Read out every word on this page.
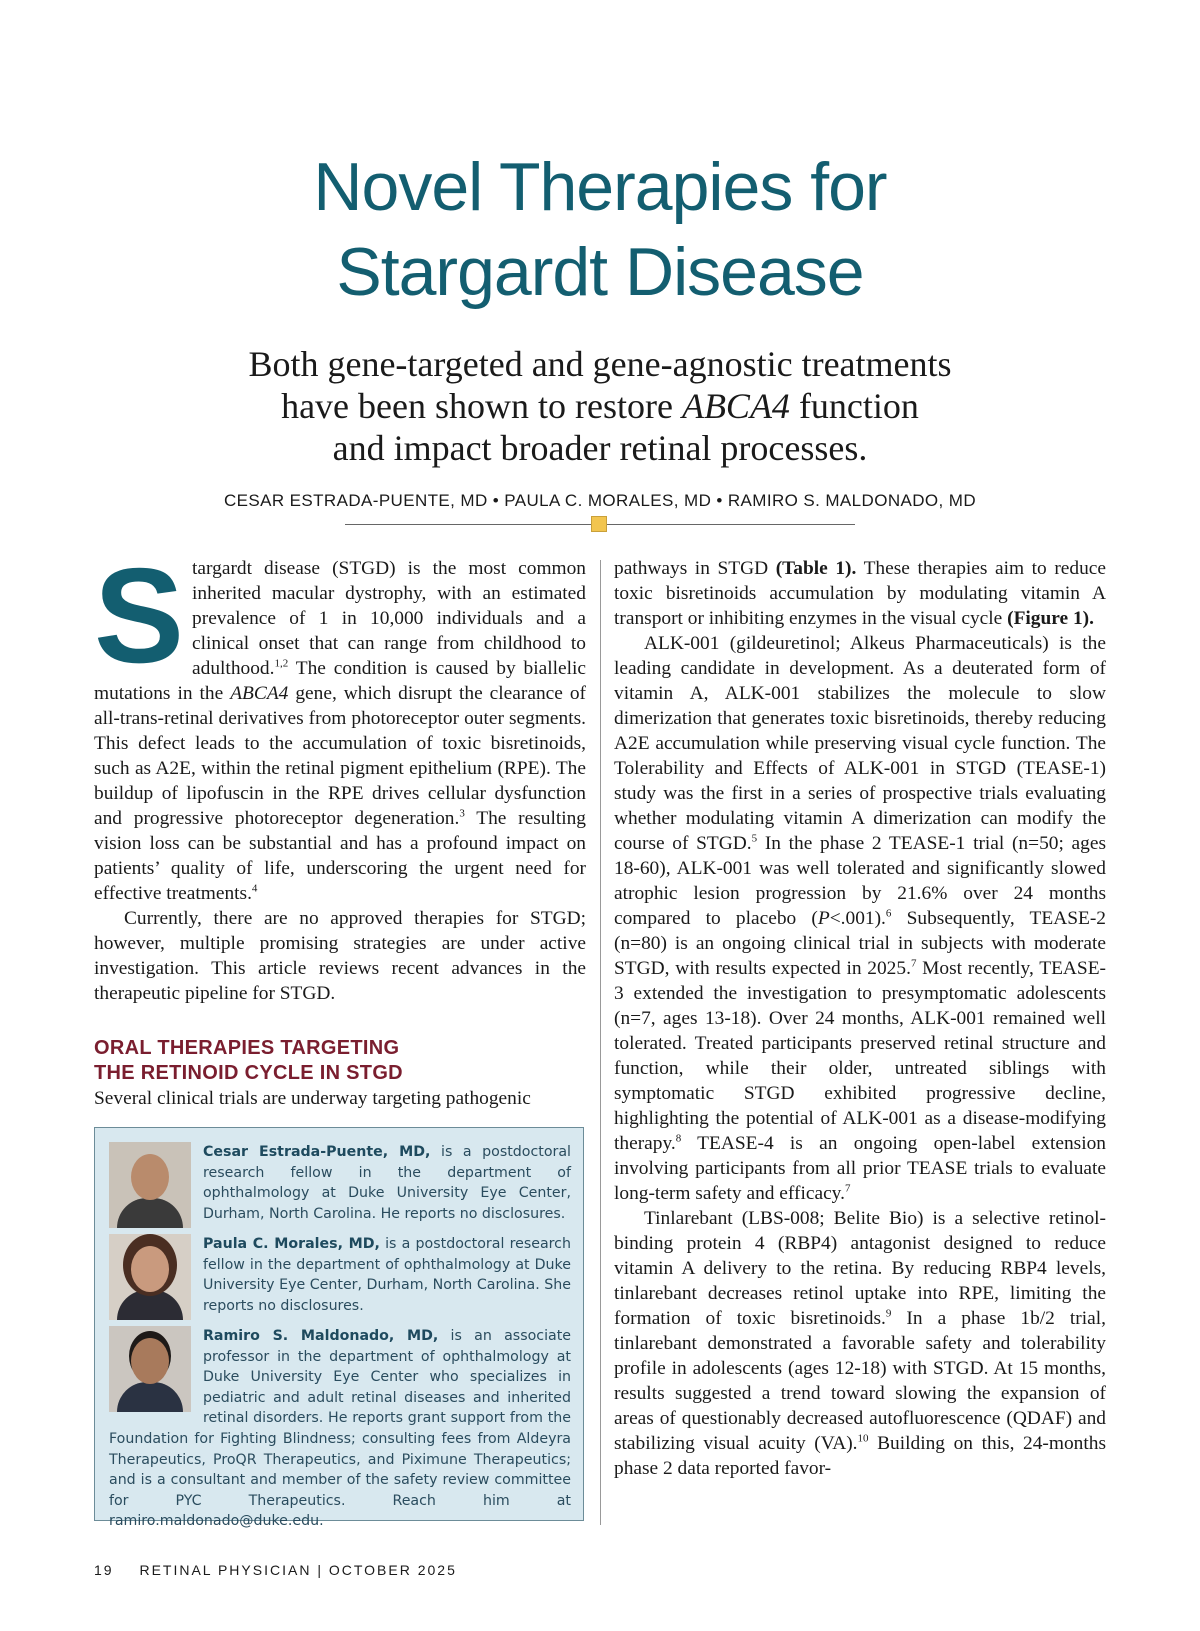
Novel Therapies for
Stargardt Disease
Both gene-targeted and gene-agnostic treatments
have been shown to restore ABCA4 function
and impact broader retinal processes.
CESAR ESTRADA-PUENTE, MD • PAULA C. MORALES, MD • RAMIRO S. MALDONADO, MD

Stargardt disease (STGD) is the most common inherited macular dystrophy, with an estimated prevalence of 1 in 10,000 individuals and a clinical onset that can range from childhood to adulthood.$^{1,2}$ The condition is caused by biallelic mutations in the ABCA4 gene, which disrupt the clearance of all-trans-retinal derivatives from photoreceptor outer segments. This defect leads to the accumulation of toxic bisretinoids, such as A2E, within the retinal pigment epithelium (RPE). The buildup of lipofuscin in the RPE drives cellular dysfunction and progressive photoreceptor degeneration.$^3$ The resulting vision loss can be substantial and has a profound impact on patients’ quality of life, underscoring the urgent need for effective treatments.$^4$

Currently, there are no approved therapies for STGD; however, multiple promising strategies are under active investigation. This article reviews recent advances in the therapeutic pipeline for STGD.

ORAL THERAPIES TARGETING
THE RETINOID CYCLE IN STGD

Several clinical trials are underway targeting pathogenic

Cesar Estrada-Puente, MD, is a postdoctoral research fellow in the department of ophthalmology at Duke University Eye Center, Durham, North Carolina. He reports no disclosures.
Paula C. Morales, MD, is a postdoctoral research fellow in the department of ophthalmology at Duke University Eye Center, Durham, North Carolina. She reports no disclosures.
Ramiro S. Maldonado, MD, is an associate professor in the department of ophthalmology at Duke University Eye Center who specializes in pediatric and adult retinal diseases and inherited retinal disorders. He reports grant support from the Foundation for Fighting Blindness; consulting fees from Aldeyra Therapeutics, ProQR Therapeutics, and Piximune Therapeutics; and is a consultant and member of the safety review committee for PYC Therapeutics. Reach him at ramiro.maldonado@duke.edu.

pathways in STGD (Table 1). These therapies aim to reduce toxic bisretinoids accumulation by modulating vitamin A transport or inhibiting enzymes in the visual cycle (Figure 1).

ALK-001 (gildeuretinol; Alkeus Pharmaceuticals) is the leading candidate in development. As a deuterated form of vitamin A, ALK-001 stabilizes the molecule to slow dimerization that generates toxic bisretinoids, thereby reducing A2E accumulation while preserving visual cycle function. The Tolerability and Effects of ALK-001 in STGD (TEASE-1) study was the first in a series of prospective trials evaluating whether modulating vitamin A dimerization can modify the course of STGD.$^5$ In the phase 2 TEASE-1 trial (n=50; ages 18-60), ALK-001 was well tolerated and significantly slowed atrophic lesion progression by 21.6% over 24 months compared to placebo (P<.001).$^6$ Subsequently, TEASE-2 (n=80) is an ongoing clinical trial in subjects with moderate STGD, with results expected in 2025.$^7$ Most recently, TEASE-3 extended the investigation to presymptomatic adolescents (n=7, ages 13-18). Over 24 months, ALK-001 remained well tolerated. Treated participants preserved retinal structure and function, while their older, untreated siblings with symptomatic STGD exhibited progressive decline, highlighting the potential of ALK-001 as a disease-modifying therapy.$^8$ TEASE-4 is an ongoing open-label extension involving participants from all prior TEASE trials to evaluate long-term safety and efficacy.$^7$

Tinlarebant (LBS-008; Belite Bio) is a selective retinol-binding protein 4 (RBP4) antagonist designed to reduce vitamin A delivery to the retina. By reducing RBP4 levels, tinlarebant decreases retinol uptake into RPE, limiting the formation of toxic bisretinoids.$^9$ In a phase 1b/2 trial, tinlarebant demonstrated a favorable safety and tolerability profile in adolescents (ages 12-18) with STGD. At 15 months, results suggested a trend toward slowing the expansion of areas of questionably decreased autofluorescence (QDAF) and stabilizing visual acuity (VA).$^{10}$ Building on this, 24-months phase 2 data reported favor-

19 RETINAL PHYSICIAN | OCTOBER 2025
